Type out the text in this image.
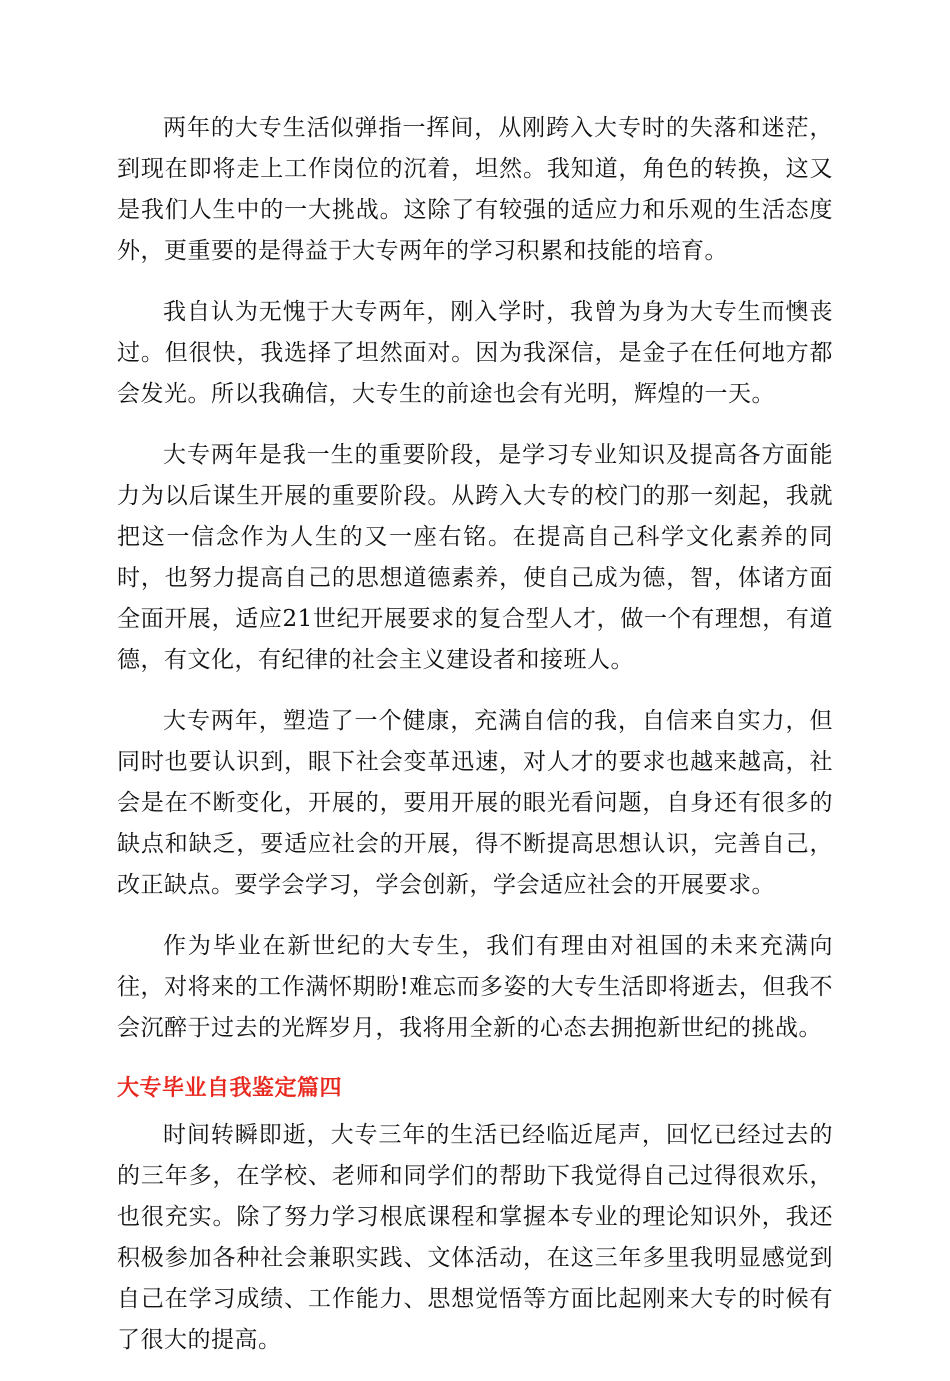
两年的大专生活似弹指一挥间，从刚跨入大专时的失落和迷茫，到现在即将走上工作岗位的沉着，坦然。我知道，角色的转换，这又是我们人生中的一大挑战。这除了有较强的适应力和乐观的生活态度外，更重要的是得益于大专两年的学习积累和技能的培育。

我自认为无愧于大专两年，刚入学时，我曾为身为大专生而懊丧过。但很快，我选择了坦然面对。因为我深信，是金子在任何地方都会发光。所以我确信，大专生的前途也会有光明，辉煌的一天。

大专两年是我一生的重要阶段，是学习专业知识及提高各方面能力为以后谋生开展的重要阶段。从跨入大专的校门的那一刻起，我就把这一信念作为人生的又一座右铭。在提高自己科学文化素养的同时，也努力提高自己的思想道德素养，使自己成为德，智，体诸方面全面开展，适应21世纪开展要求的复合型人才，做一个有理想，有道德，有文化，有纪律的社会主义建设者和接班人。

大专两年，塑造了一个健康，充满自信的我，自信来自实力，但同时也要认识到，眼下社会变革迅速，对人才的要求也越来越高，社会是在不断变化，开展的，要用开展的眼光看问题，自身还有很多的缺点和缺乏，要适应社会的开展，得不断提高思想认识，完善自己，改正缺点。要学会学习，学会创新，学会适应社会的开展要求。

作为毕业在新世纪的大专生，我们有理由对祖国的未来充满向往，对将来的工作满怀期盼!难忘而多姿的大专生活即将逝去，但我不会沉醉于过去的光辉岁月，我将用全新的心态去拥抱新世纪的挑战。

大专毕业自我鉴定篇四

时间转瞬即逝，大专三年的生活已经临近尾声，回忆已经过去的的三年多，在学校、老师和同学们的帮助下我觉得自己过得很欢乐，也很充实。除了努力学习根底课程和掌握本专业的理论知识外，我还积极参加各种社会兼职实践、文体活动，在这三年多里我明显感觉到自己在学习成绩、工作能力、思想觉悟等方面比起刚来大专的时候有了很大的提高。
